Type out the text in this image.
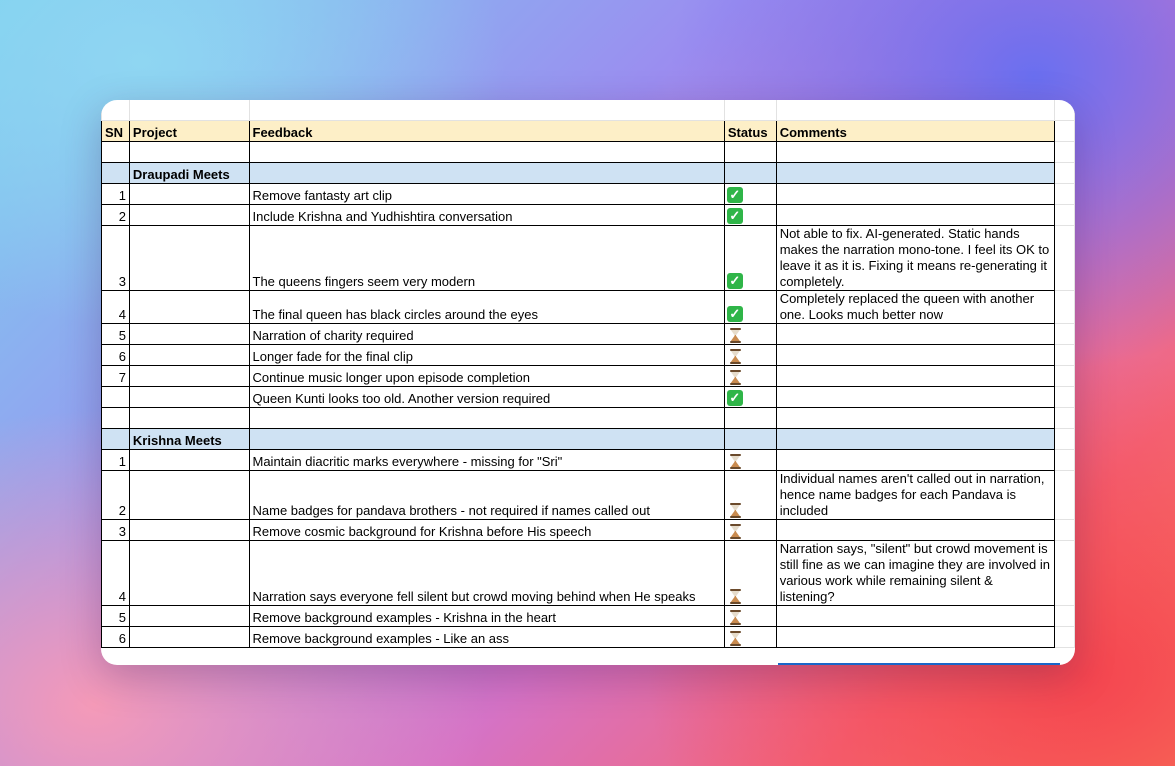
SN	Project	Feedback	Status	Comments	

	Draupadi Meets				
1		Remove fantasty art clip	✓		
2		Include Krishna and Yudhishtira conversation	✓		
3		The queens fingers seem very modern	✓	Not able to fix. AI-generated. Static hands makes the narration mono-tone. I feel its OK to leave it as it is. Fixing it means re-generating it completely.	
4		The final queen has black circles around the eyes	✓	Completely replaced the queen with another one. Looks much better now	
5		Narration of charity required	

6		Longer fade for the final clip	

7		Continue music longer upon episode completion	

		Queen Kunti looks too old. Another version required	✓		

	Krishna Meets				
1		Maintain diacritic marks everywhere - missing for "Sri"	

2		Name badges for pandava brothers - not required if names called out		Individual names aren't called out in narration, hence name badges for each Pandava is included	
3		Remove cosmic background for Krishna before His speech	

4		Narration says everyone fell silent but crowd moving behind when He speaks		Narration says, "silent" but crowd movement is still fine as we can imagine they are involved in various work while remaining silent & listening?	
5		Remove background examples - Krishna in the heart	

6		Remove background examples - Like an ass	
